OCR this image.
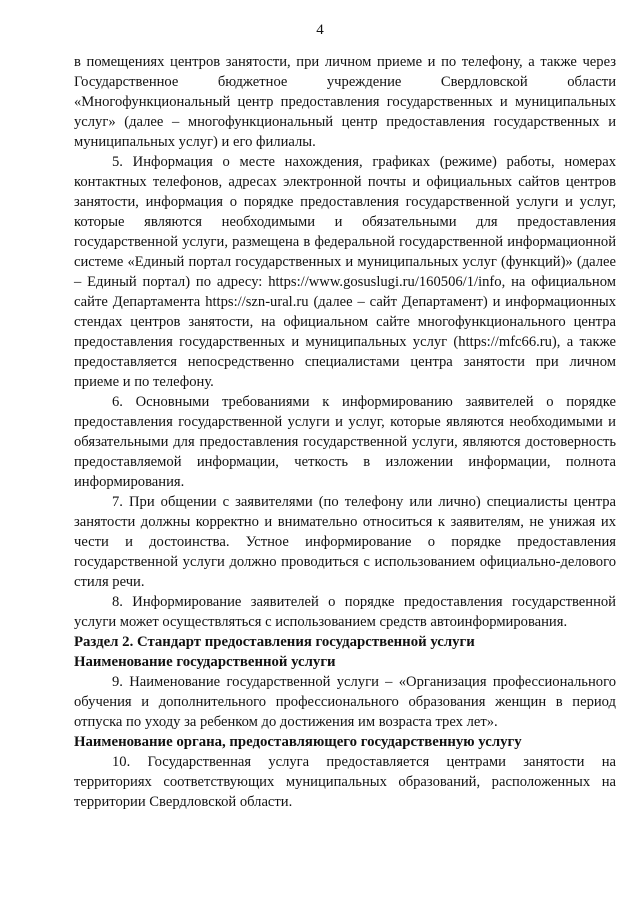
4

в помещениях центров занятости, при личном приеме и по телефону, а также через Государственное бюджетное учреждение Свердловской области «Многофункциональный центр предоставления государственных и муниципальных услуг» (далее – многофункциональный центр предоставления государственных и муниципальных услуг) и его филиалы.

5. Информация о месте нахождения, графиках (режиме) работы, номерах контактных телефонов, адресах электронной почты и официальных сайтов центров занятости, информация о порядке предоставления государственной услуги и услуг, которые являются необходимыми и обязательными для предоставления государственной услуги, размещена в федеральной государственной информационной системе «Единый портал государственных и муниципальных услуг (функций)» (далее – Единый портал) по адресу: https://www.gosuslugi.ru/160506/1/info, на официальном сайте Департамента https://szn-ural.ru (далее – сайт Департамент) и информационных стендах центров занятости, на официальном сайте многофункционального центра предоставления государственных и муниципальных услуг (https://mfc66.ru), а также предоставляется непосредственно специалистами центра занятости при личном приеме и по телефону.

6. Основными требованиями к информированию заявителей о порядке предоставления государственной услуги и услуг, которые являются необходимыми и обязательными для предоставления государственной услуги, являются достоверность предоставляемой информации, четкость в изложении информации, полнота информирования.

7. При общении с заявителями (по телефону или лично) специалисты центра занятости должны корректно и внимательно относиться к заявителям, не унижая их чести и достоинства. Устное информирование о порядке предоставления государственной услуги должно проводиться с использованием официально-делового стиля речи.

8. Информирование заявителей о порядке предоставления государственной услуги может осуществляться с использованием средств автоинформирования.

Раздел 2. Стандарт предоставления государственной услуги

Наименование государственной услуги

9. Наименование государственной услуги – «Организация профессионального обучения и дополнительного профессионального образования женщин в период отпуска по уходу за ребенком до достижения им возраста трех лет».

Наименование органа, предоставляющего государственную услугу

10. Государственная услуга предоставляется центрами занятости на территориях соответствующих муниципальных образований, расположенных на территории Свердловской области.
